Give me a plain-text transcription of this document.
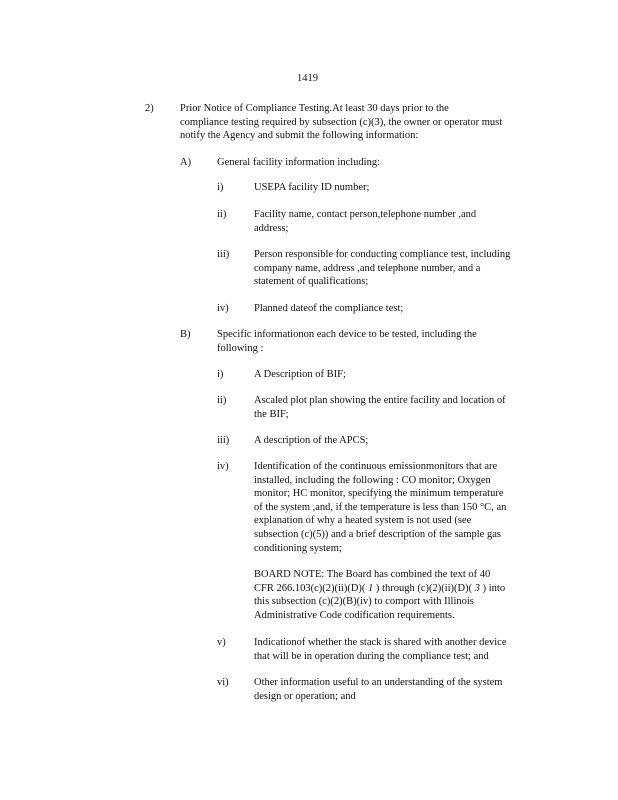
1419
2)	Prior Notice of Compliance Testing.At least 30 days prior to the

compliance testing required by subsection (c)(3), the owner or operator must

notify the Agency and submit the following information:

A) General facility information including:
i)	USEPA facility ID number;

ii)	Facility name, contact person,telephone number ,and

address;

iii) Person responsible for conducting compliance test, including

company name, address ,and telephone number, and a

statement of qualifications;

iv) Planned dateof the compliance test;

B)	Specific informationon each device to be tested, including the

following :

i)	A Description of BIF;

ii)	Ascaled plot plan showing the entire facility and location of

the BIF;

iii) A description of the APCS;

iv) Identification of the continuous emissionmonitors that are

installed, including the following : CO monitor; Oxygen

monitor; HC monitor, specifying the minimum temperature

of the system ,and, if the temperature is less than 150 °C, an

explanation of why a heated system is not used (see

subsection (c)(5)) and a brief description of the sample gas

conditioning system;

BOARD NOTE: The Board has combined the text of 40

CFR 266.103(c)(2)(ii)(D)( 1 ) through (c)(2)(ii)(D)( 3 ) into

this subsection (c)(2)(B)(iv) to comport with Illinois

Administrative Code codification requirements.

v)	Indicationof whether the stack is shared with another device

that will be in operation during the compliance test; and

vi) Other information useful to an understanding of the system

design or operation; and
